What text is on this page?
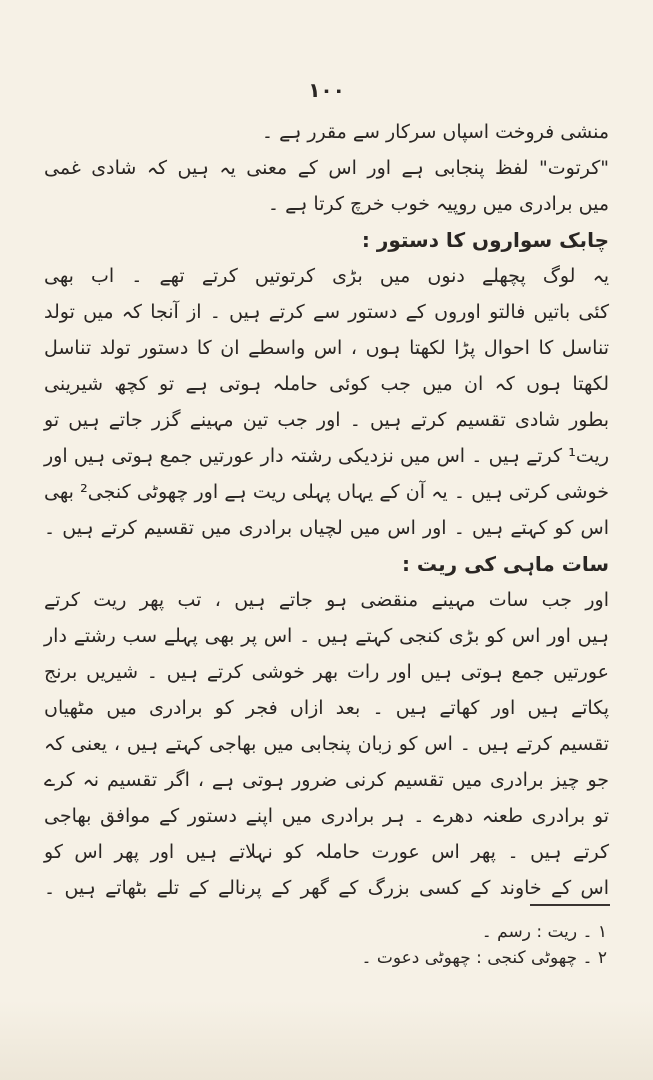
۱۰۰
منشی فروخت اسپاں سرکار سے مقرر ہے ۔
"کرتوت" لفظ پنجابی ہے اور اس کے معنی یہ ہیں کہ شادی غمی
میں برادری میں روپیہ خوب خرچ کرتا ہے ۔
چابک سواروں کا دستور :
یہ لوگ پچھلے دنوں میں بڑی کرتوتیں کرتے تھے ۔ اب بھی
کئی باتیں فالتو اوروں کے دستور سے کرتے ہیں ۔ از آنجا کہ میں تولد
تناسل کا احوال پڑا لکھتا ہوں ، اس واسطے ان کا دستور تولد تناسل
لکھتا ہوں کہ ان میں جب کوئی حاملہ ہوتی ہے تو کچھ شیرینی
بطور شادی تقسیم کرتے ہیں ۔ اور جب تین مہینے گزر جاتے ہیں تو
ریت¹ کرتے ہیں ۔ اس میں نزدیکی رشتہ دار عورتیں جمع ہوتی ہیں اور
خوشی کرتی ہیں ۔ یہ آن کے یہاں پہلی ریت ہے اور چھوٹی کنجی² بھی
اس کو کہتے ہیں ۔ اور اس میں لچیاں برادری میں تقسیم کرتے ہیں ۔
سات ماہی کی ریت :
اور جب سات مہینے منقضی ہو جاتے ہیں ، تب پھر ریت کرتے
ہیں اور اس کو بڑی کنجی کہتے ہیں ۔ اس پر بھی پہلے سب رشتے دار
عورتیں جمع ہوتی ہیں اور رات بھر خوشی کرتے ہیں ۔ شیریں برنج
پکاتے ہیں اور کھاتے ہیں ۔ بعد ازاں فجر کو برادری میں مٹھیاں
تقسیم کرتے ہیں ۔ اس کو زبان پنجابی میں بھاجی کہتے ہیں ، یعنی کہ
جو چیز برادری میں تقسیم کرنی ضرور ہوتی ہے ، اگر تقسیم نہ کرے
تو برادری طعنہ دھرے ۔ ہر برادری میں اپنے دستور کے موافق بھاجی
کرتے ہیں ۔ پھر اس عورت حاملہ کو نہلاتے ہیں اور پھر اس کو
اس کے خاوند کے کسی بزرگ کے گھر کے پرنالے کے تلے بٹھاتے ہیں ۔
۱ ۔ ریت : رسم ۔
۲ ۔ چھوٹی کنجی : چھوٹی دعوت ۔
